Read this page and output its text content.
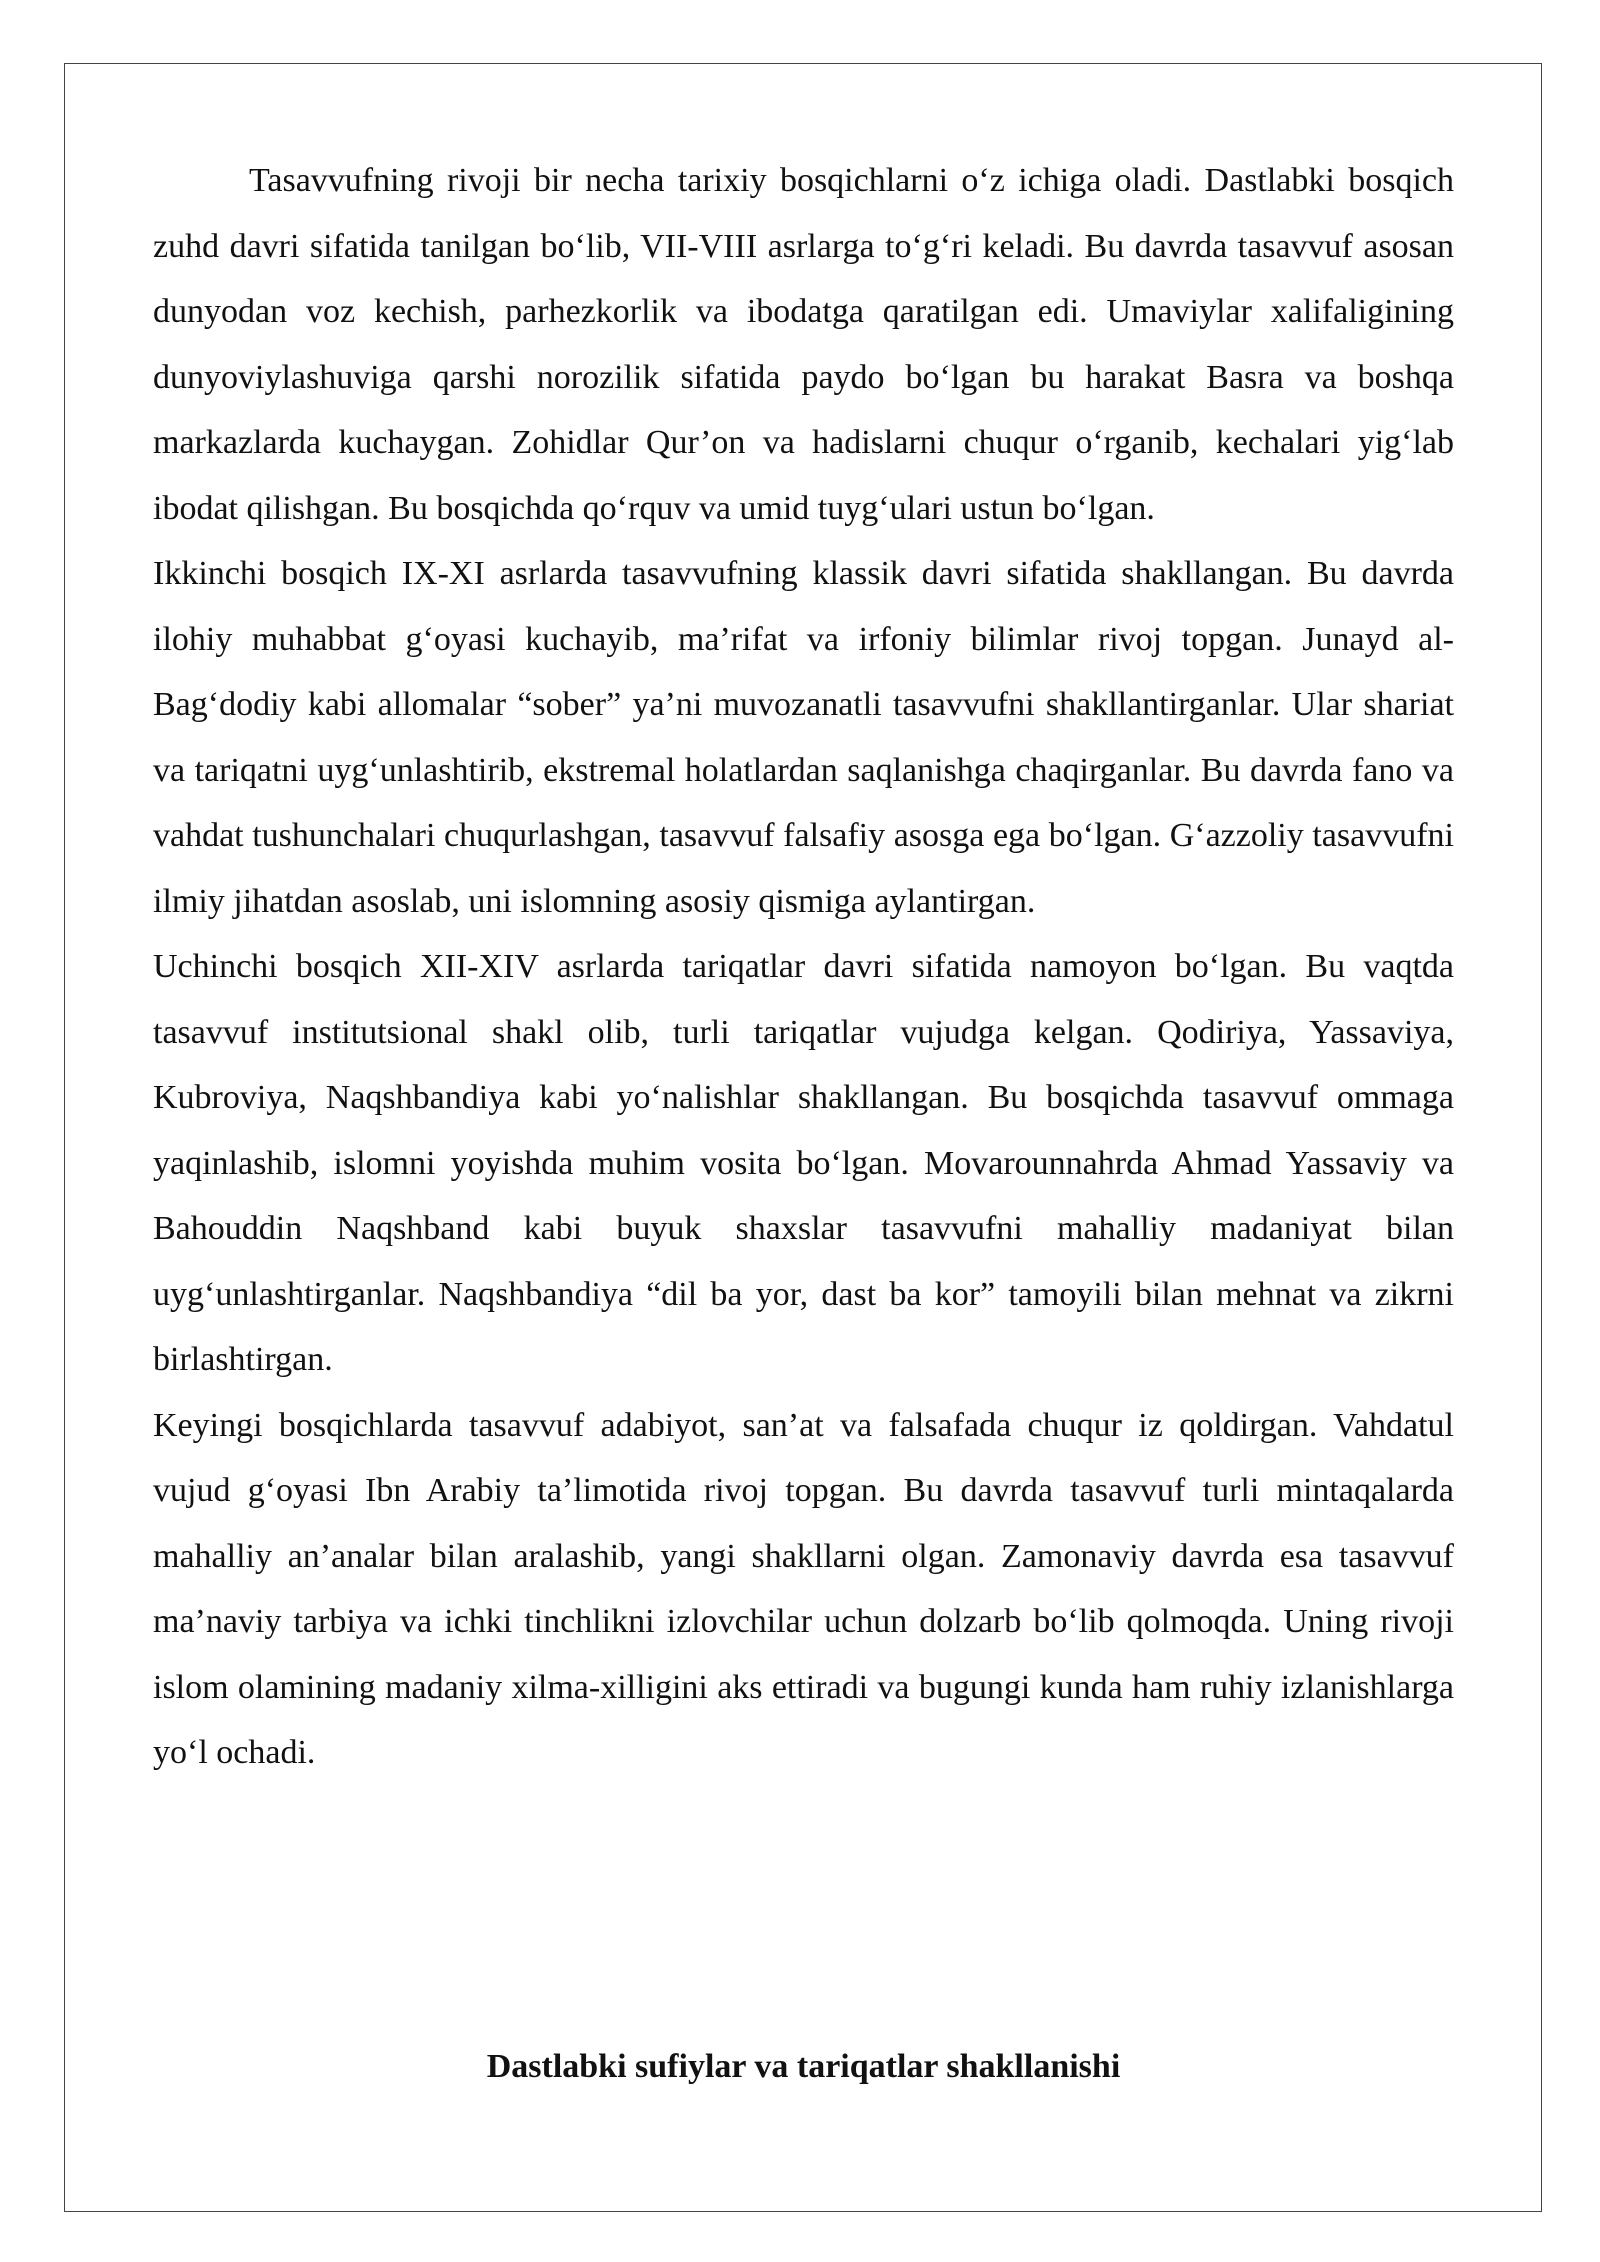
Tasavvufning rivoji bir necha tarixiy bosqichlarni o‘z ichiga oladi. Dastlabki bosqich zuhd davri sifatida tanilgan bo‘lib, VII-VIII asrlarga to‘g‘ri keladi. Bu davrda tasavvuf asosan dunyodan voz kechish, parhezkorlik va ibodatga qaratilgan edi. Umaviylar xalifaligining dunyoviylashuviga qarshi norozilik sifatida paydo bo‘lgan bu harakat Basra va boshqa markazlarda kuchaygan. Zohidlar Qur’on va hadislarni chuqur o‘rganib, kechalari yig‘lab ibodat qilishgan. Bu bosqichda qo‘rquv va umid tuyg‘ulari ustun bo‘lgan.

Ikkinchi bosqich IX-XI asrlarda tasavvufning klassik davri sifatida shakllangan. Bu davrda ilohiy muhabbat g‘oyasi kuchayib, ma’rifat va irfoniy bilimlar rivoj topgan. Junayd al-Bag‘dodiy kabi allomalar “sober” ya’ni muvozanatli tasavvufni shakllantirganlar. Ular shariat va tariqatni uyg‘unlashtirib, ekstremal holatlardan saqlanishga chaqirganlar. Bu davrda fano va vahdat tushunchalari chuqurlashgan, tasavvuf falsafiy asosga ega bo‘lgan. G‘azzoliy tasavvufni ilmiy jihatdan asoslab, uni islomning asosiy qismiga aylantirgan.

Uchinchi bosqich XII-XIV asrlarda tariqatlar davri sifatida namoyon bo‘lgan. Bu vaqtda tasavvuf institutsional shakl olib, turli tariqatlar vujudga kelgan. Qodiriya, Yassaviya, Kubroviya, Naqshbandiya kabi yo‘nalishlar shakllangan. Bu bosqichda tasavvuf ommaga yaqinlashib, islomni yoyishda muhim vosita bo‘lgan. Movarounnahrda Ahmad Yassaviy va Bahouddin Naqshband kabi buyuk shaxslar tasavvufni mahalliy madaniyat bilan uyg‘unlashtirganlar. Naqshbandiya “dil ba yor, dast ba kor” tamoyili bilan mehnat va zikrni birlashtirgan.

Keyingi bosqichlarda tasavvuf adabiyot, san’at va falsafada chuqur iz qoldirgan. Vahdatul vujud g‘oyasi Ibn Arabiy ta’limotida rivoj topgan. Bu davrda tasavvuf turli mintaqalarda mahalliy an’analar bilan aralashib, yangi shakllarni olgan. Zamonaviy davrda esa tasavvuf ma’naviy tarbiya va ichki tinchlikni izlovchilar uchun dolzarb bo‘lib qolmoqda. Uning rivoji islom olamining madaniy xilma-xilligini aks ettiradi va bugungi kunda ham ruhiy izlanishlarga yo‘l ochadi.

Dastlabki sufiylar va tariqatlar shakllanishi
